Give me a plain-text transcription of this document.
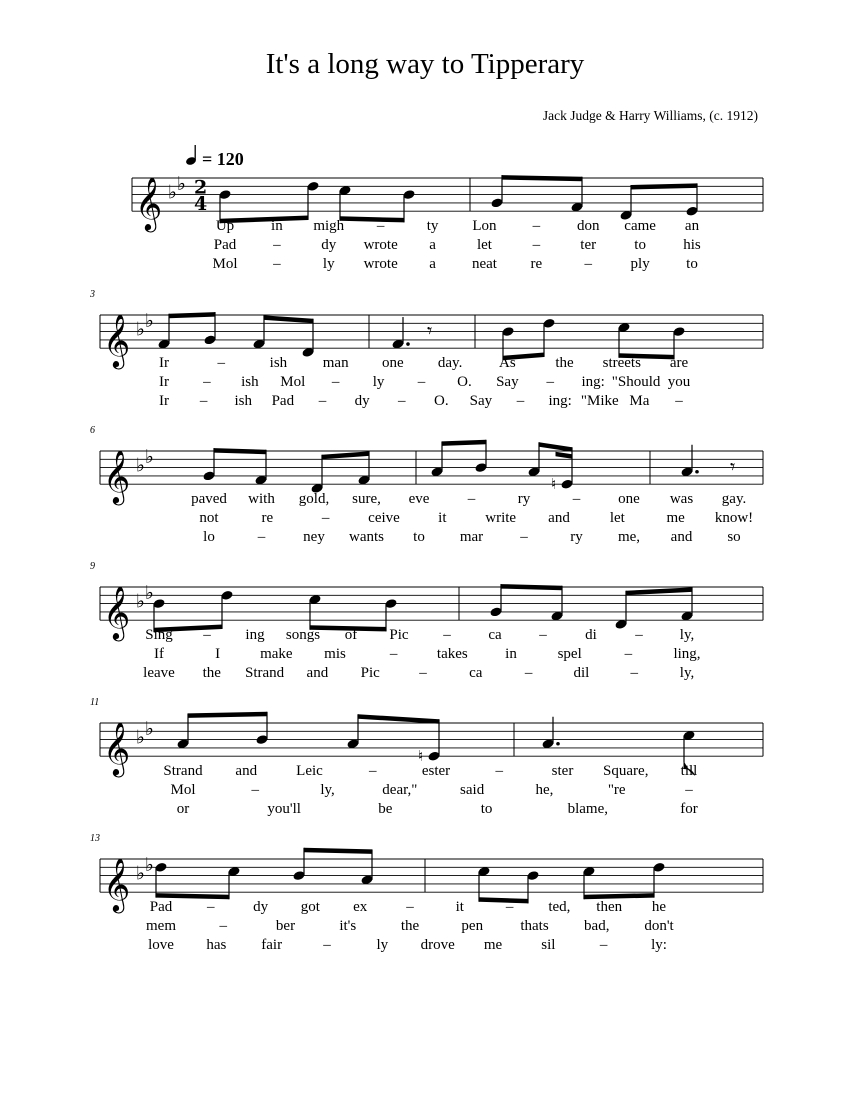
It's a long way to Tipperary
Jack Judge & Harry Williams, (c. 1912)
= 120
𝄞 ♭ ♭ 2
4
𝄞 ♭ ♭	𝄾
𝄞 ♭ ♭
♮
𝄾
𝄞 ♭ ♭
𝄞 ♭ ♭
♮
𝄞 ♭ ♭
Up in migh –	ty Lon – don came an
Pad –	dy wrote a	let	–	ter	to his
Mol –	ly wrote a neat re	–	ply to
Ir	–	ish man one day. As	the streets are
Ir – ish Mol – ly – O. Say – ing: "Should you
Ir – ish Pad – dy – O. Say – ing: "Mike Ma –
3
paved with gold, sure, eve	–	ry	–	one was gay.
not	re	–	ceive	it	write and	let	me know!
lo	–	ney wants to mar –	ry me, and so
6
Sing – ing songs of Pic –	ca	–	di	– ly,
If	I	make mis	–	takes in	spel	–	ling,
leave the Strand and Pic	–	ca	–	dil	–	ly,
9
Strand and	Leic	–	ester	–	ster Square, till
Mol	–	ly,	dear,"	said	he,	"re	–
or	you'll	be	to	blame,	for
11
Pad –	dy got ex	–	it	– ted, then he
mem	–	ber	it's	the	pen thats bad, don't
love has fair	–	ly drove me	sil	–	ly:
13
